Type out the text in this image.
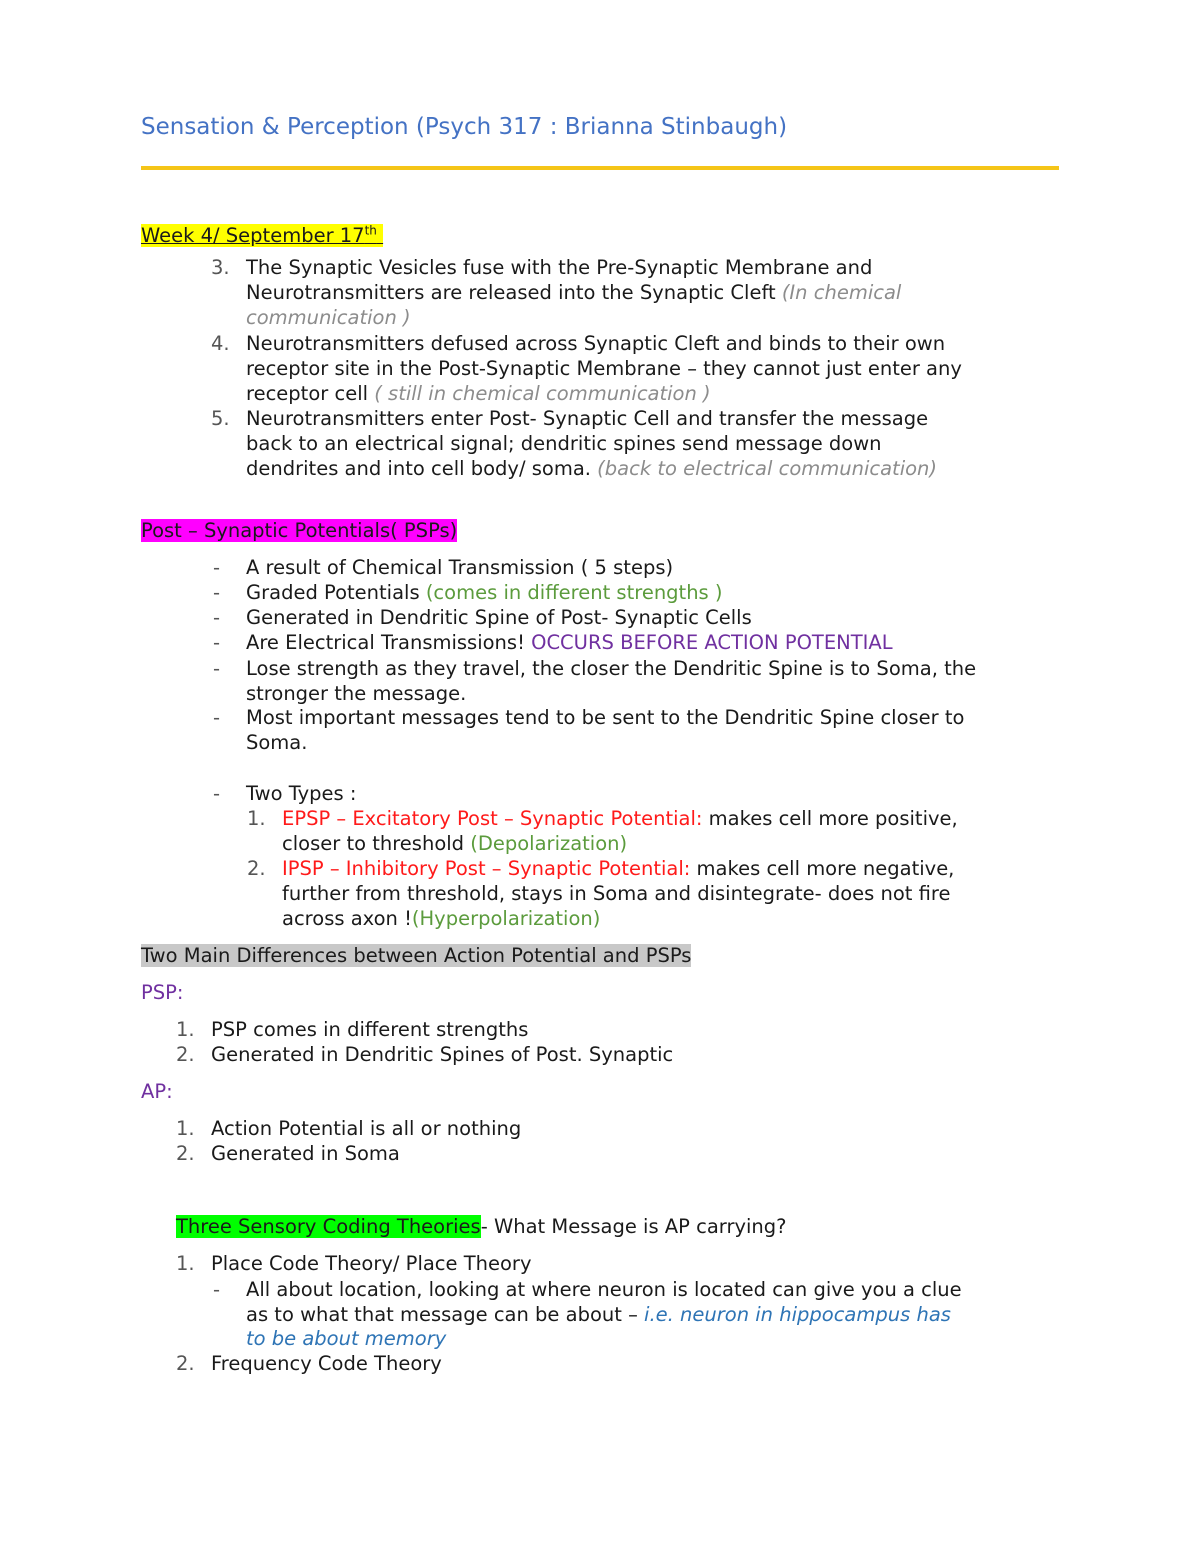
Sensation & Perception (Psych 317 : Brianna Stinbaugh)
Week 4/ September 17th
3. The Synaptic Vesicles fuse with the Pre-Synaptic Membrane and
Neurotransmitters are released into the Synaptic Cleft (In chemical
communication )
4. Neurotransmitters defused across Synaptic Cleft and binds to their own
receptor site in the Post-Synaptic Membrane – they cannot just enter any
receptor cell ( still in chemical communication )
5. Neurotransmitters enter Post- Synaptic Cell and transfer the message
back to an electrical signal; dendritic spines send message down
dendrites and into cell body/ soma. (back to electrical communication)
Post – Synaptic Potentials( PSPs)
- A result of Chemical Transmission ( 5 steps)
- Graded Potentials (comes in different strengths )
- Generated in Dendritic Spine of Post- Synaptic Cells
- Are Electrical Transmissions! OCCURS BEFORE ACTION POTENTIAL
- Lose strength as they travel, the closer the Dendritic Spine is to Soma, the
stronger the message.
- Most important messages tend to be sent to the Dendritic Spine closer to
Soma.
- Two Types :
1. EPSP – Excitatory Post – Synaptic Potential: makes cell more positive,
closer to threshold (Depolarization)
2. IPSP – Inhibitory Post – Synaptic Potential: makes cell more negative,
further from threshold, stays in Soma and disintegrate- does not fire
across axon !(Hyperpolarization)
Two Main Differences between Action Potential and PSPs
PSP:
1. PSP comes in different strengths
2. Generated in Dendritic Spines of Post. Synaptic
AP:
1. Action Potential is all or nothing
2. Generated in Soma
Three Sensory Coding Theories- What Message is AP carrying?
1. Place Code Theory/ Place Theory
- All about location, looking at where neuron is located can give you a clue
as to what that message can be about – i.e. neuron in hippocampus has
to be about memory
2. Frequency Code Theory
